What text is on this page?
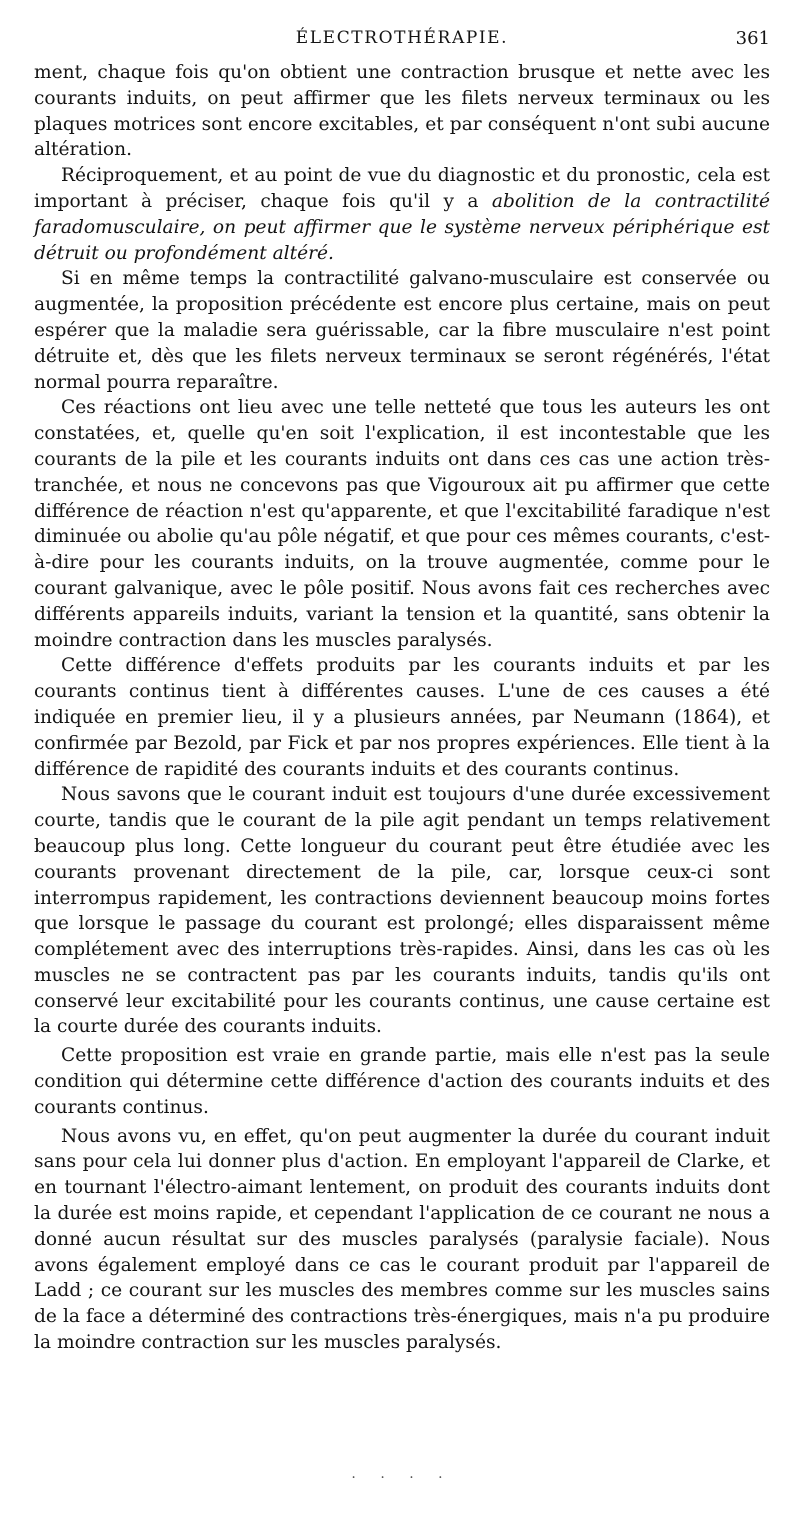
ÉLECTROTHÉRAPIE.	361

ment, chaque fois qu'on obtient une contraction brusque et nette avec les courants induits, on peut affirmer que les filets nerveux terminaux ou les plaques motrices sont encore excitables, et par conséquent n'ont subi aucune altération.

Réciproquement, et au point de vue du diagnostic et du pronostic, cela est important à préciser, chaque fois qu'il y a abolition de la contractilité faradomusculaire, on peut affirmer que le système nerveux périphérique est détruit ou profondément altéré.

Si en même temps la contractilité galvano-musculaire est conservée ou augmentée, la proposition précédente est encore plus certaine, mais on peut espérer que la maladie sera guérissable, car la fibre musculaire n'est point détruite et, dès que les filets nerveux terminaux se seront régénérés, l'état normal pourra reparaître.

Ces réactions ont lieu avec une telle netteté que tous les auteurs les ont constatées, et, quelle qu'en soit l'explication, il est incontestable que les courants de la pile et les courants induits ont dans ces cas une action très-tranchée, et nous ne concevons pas que Vigouroux ait pu affirmer que cette différence de réaction n'est qu'apparente, et que l'excitabilité faradique n'est diminuée ou abolie qu'au pôle négatif, et que pour ces mêmes courants, c'est-à-dire pour les courants induits, on la trouve augmentée, comme pour le courant galvanique, avec le pôle positif. Nous avons fait ces recherches avec différents appareils induits, variant la tension et la quantité, sans obtenir la moindre contraction dans les muscles paralysés.

Cette différence d'effets produits par les courants induits et par les courants continus tient à différentes causes. L'une de ces causes a été indiquée en premier lieu, il y a plusieurs années, par Neumann (1864), et confirmée par Bezold, par Fick et par nos propres expériences. Elle tient à la différence de rapidité des courants induits et des courants continus.

Nous savons que le courant induit est toujours d'une durée excessivement courte, tandis que le courant de la pile agit pendant un temps relativement beaucoup plus long. Cette longueur du courant peut être étudiée avec les courants provenant directement de la pile, car, lorsque ceux-ci sont interrompus rapidement, les contractions deviennent beaucoup moins fortes que lorsque le passage du courant est prolongé; elles disparaissent même complétement avec des interruptions très-rapides. Ainsi, dans les cas où les muscles ne se contractent pas par les courants induits, tandis qu'ils ont conservé leur excitabilité pour les courants continus, une cause certaine est la courte durée des courants induits.

Cette proposition est vraie en grande partie, mais elle n'est pas la seule condition qui détermine cette différence d'action des courants induits et des courants continus.

Nous avons vu, en effet, qu'on peut augmenter la durée du courant induit sans pour cela lui donner plus d'action. En employant l'appareil de Clarke, et en tournant l'électro-aimant lentement, on produit des courants induits dont la durée est moins rapide, et cependant l'application de ce courant ne nous a donné aucun résultat sur des muscles paralysés (paralysie faciale). Nous avons également employé dans ce cas le courant produit par l'appareil de Ladd ; ce courant sur les muscles des membres comme sur les muscles sains de la face a déterminé des contractions très-énergiques, mais n'a pu produire la moindre contraction sur les muscles paralysés.

· · · ·
